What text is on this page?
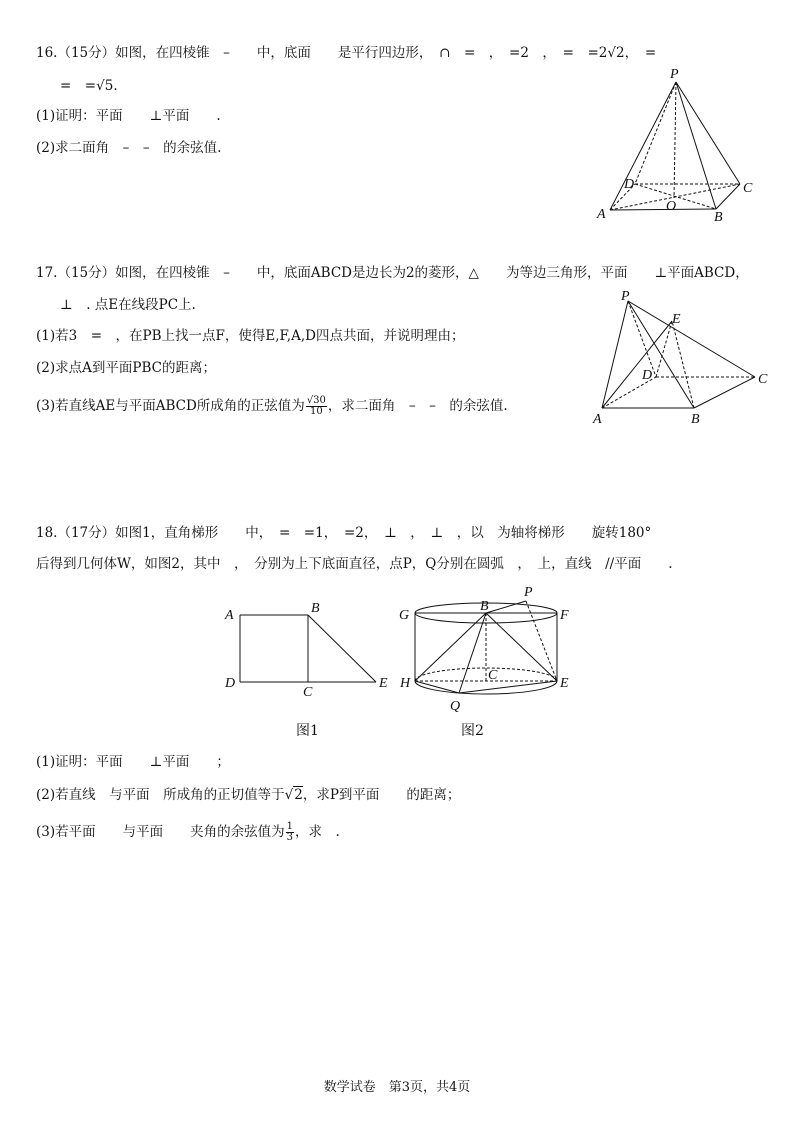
16.（15分）如图，在四棱锥　–　　中，底面　　是平行四边形，　∩　=　，　=2　，　=　=2√2，　=
=　=√5.
(1)证明：平面　　⊥平面　　.
(2)求二面角　–　–　的余弦值.
P
D	C
A
O
B
17.（15分）如图，在四棱锥　–　　中，底面ABCD是边长为2的菱形，△　　为等边三角形，平面　　⊥平面ABCD，
⊥　. 点E在线段PC上.
(1)若3　=　，在PB上找一点F，使得E,F,A,D四点共面，并说明理由；
(2)求点A到平面PBC的距离；
(3)若直线AE与平面ABCD所成角的正弦值为 $\frac{√30}{10}$ ，求二面角　–　–　的余弦值.
P
E
D	C
A	B
18.（17分）如图1，直角梯形　　中，　=　=1，　=2，　⊥　，　⊥　，以　为轴将梯形　　旋转180°
后得到几何体W，如图2，其中　，　分别为上下底面直径，点P，Q分别在圆弧　，　上，直线　//平面　　.
A	B
D
C
E
G
B
P
F
H
C
E
Q
图1	图2
(1)证明：平面　　⊥平面　　；
(2)若直线　与平面　所成角的正切值等于√2，求P到平面　　的距离；
(3)若平面　　与平面　　夹角的余弦值为 $\frac{1}{3}$ ，求　.
数学试卷　第3页，共4页
